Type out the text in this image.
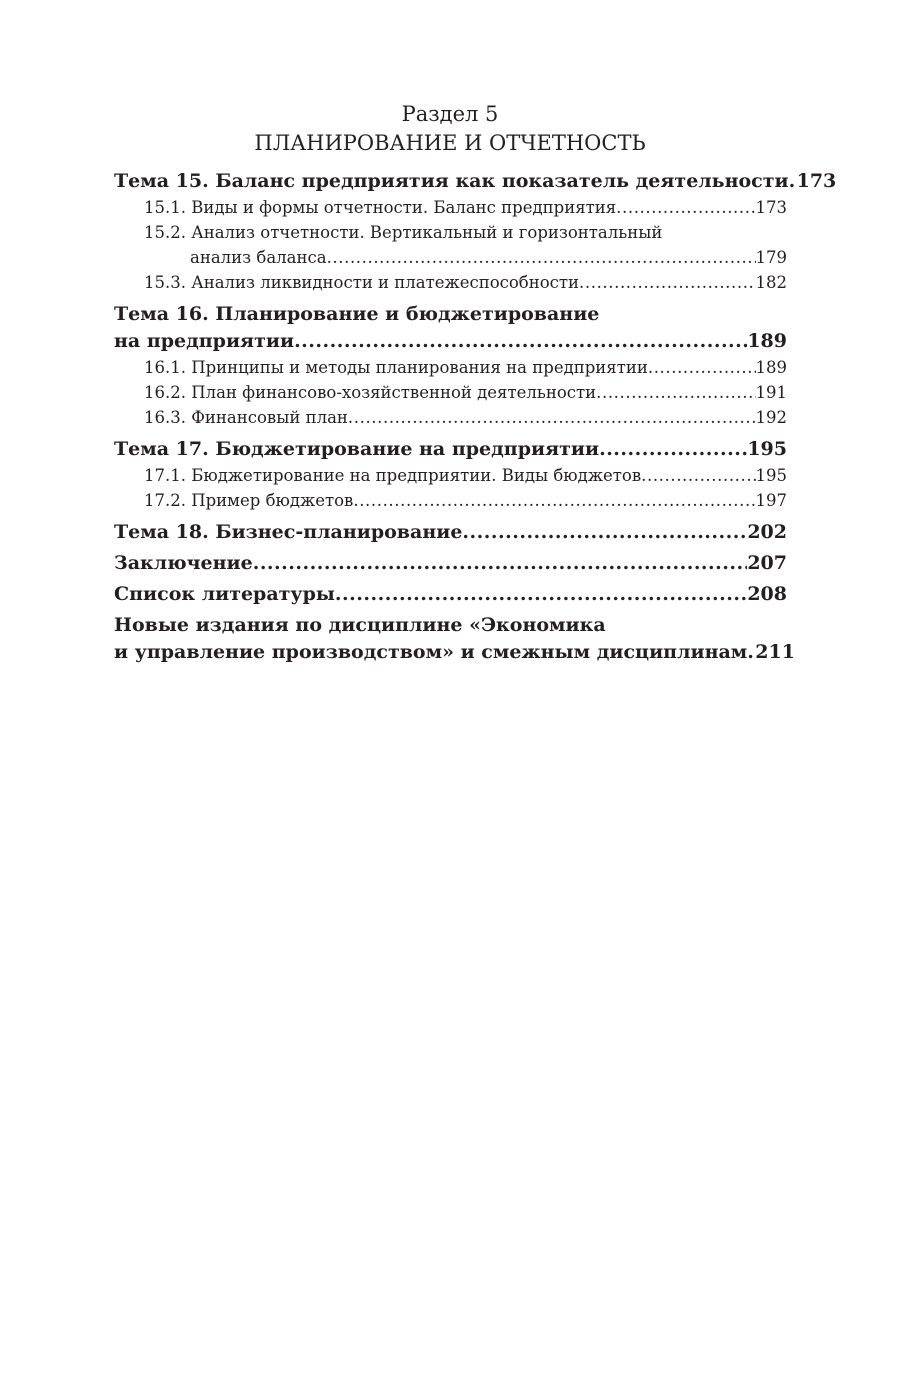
Раздел 5
ПЛАНИРОВАНИЕ И ОТЧЕТНОСТЬ
Тема 15. Баланс предприятия как показатель деятельности ..... 173
15.1. Виды и формы отчетности. Баланс предприятия .....	173
15.2. Анализ отчетности. Вертикальный и горизонтальный
анализ баланса .....	179
15.3. Анализ ликвидности и платежеспособности .....	182
Тема 16. Планирование и бюджетирование
на предприятии .....	189
16.1. Принципы и методы планирования на предприятии .....	189
16.2. План финансово-хозяйственной деятельности .....	191
16.3. Финансовый план .....	192
Тема 17. Бюджетирование на предприятии .....	195
17.1. Бюджетирование на предприятии. Виды бюджетов .....	195
17.2. Пример бюджетов .....	197
Тема 18. Бизнес-планирование .....	202
Заключение .....	207
Список литературы .....	208
Новые издания по дисциплине «Экономика
и управление производством» и смежным дисциплинам ..... 211
